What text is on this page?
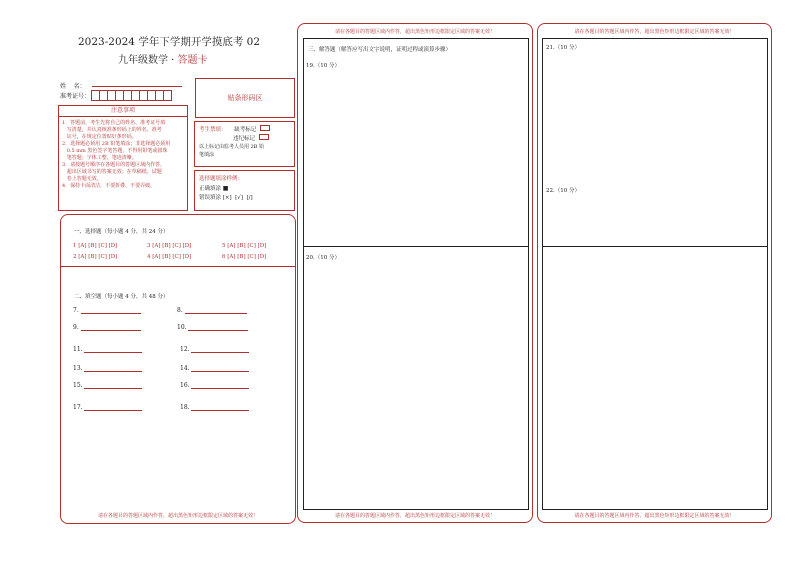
2023-2024 学年下学期开学摸底考 02
九年级数学 · 答题卡
姓    名：
准考证号：	贴条形码区
注意事项
1．答题前，考生先将自己的姓名、准考证号填
写清楚，并认真核准条形码上的姓名、准考
证号，在规定位置贴好条形码。
2．选择题必须用 2B 铅笔填涂；非选择题必须用
0.5 mm 黑色签字笔答题，不得用铅笔或圆珠
笔答题；字体工整、笔迹清晰。
3．请按题号顺序在各题目的答题区域内作答，
超出区域书写的答案无效；在草稿纸、试题
卷上答题无效。
4．保持卡面清洁，不要折叠、不要弄破。
考生禁填： 缺考标记
违纪标记
以上标记由监考人员用 2B 铅
笔填涂
选择题填涂样例：
正确填涂 ■
错误填涂 [×]  [√]  [/]
一、选择题（每小题 4 分，共 24 分）
1 [A] [B] [C] [D]	3 [A] [B] [C] [D]	5 [A] [B] [C] [D]
2 [A] [B] [C] [D]	4 [A] [B] [C] [D]	6 [A] [B] [C] [D]
二、填空题（每小题 4 分，共 48 分）
7.	8.
9.	10.
11.	12.
13.	14.
15.	16.
17.	18.
请在各题目的答题区域内作答，超出黑色矩形边框限定区域的答案无效！
请在各题目的答题区域内作答，超出黑色矩形边框限定区域的答案无效！
三、解答题（解答应写出文字说明，证明过程或演算步骤）
19.（10 分）
20.（10 分）
请在各题目的答题区域内作答，超出黑色矩形边框限定区域的答案无效！
请在各题目的答题区域内作答，超出黑色矩形边框限定区域的答案无效！
21.（10 分）
22.（10 分）
请在各题目的答题区域内作答，超出黑色矩形边框限定区域的答案无效！
